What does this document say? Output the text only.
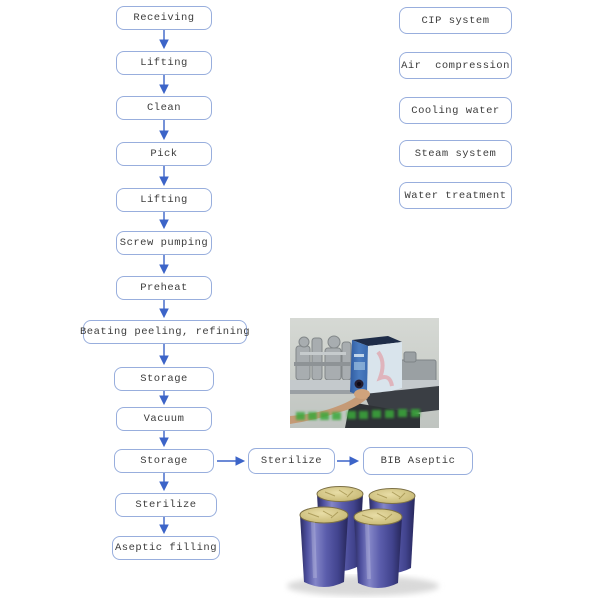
Receiving
Lifting
Clean
Pick
Lifting
Screw pumping
Preheat
Beating peeling, refining
Storage
Vacuum
Storage
Sterilize
Aseptic filling
Sterilize	BIB Aseptic
CIP system
Air  compression
Cooling water
Steam system
Water treatment
